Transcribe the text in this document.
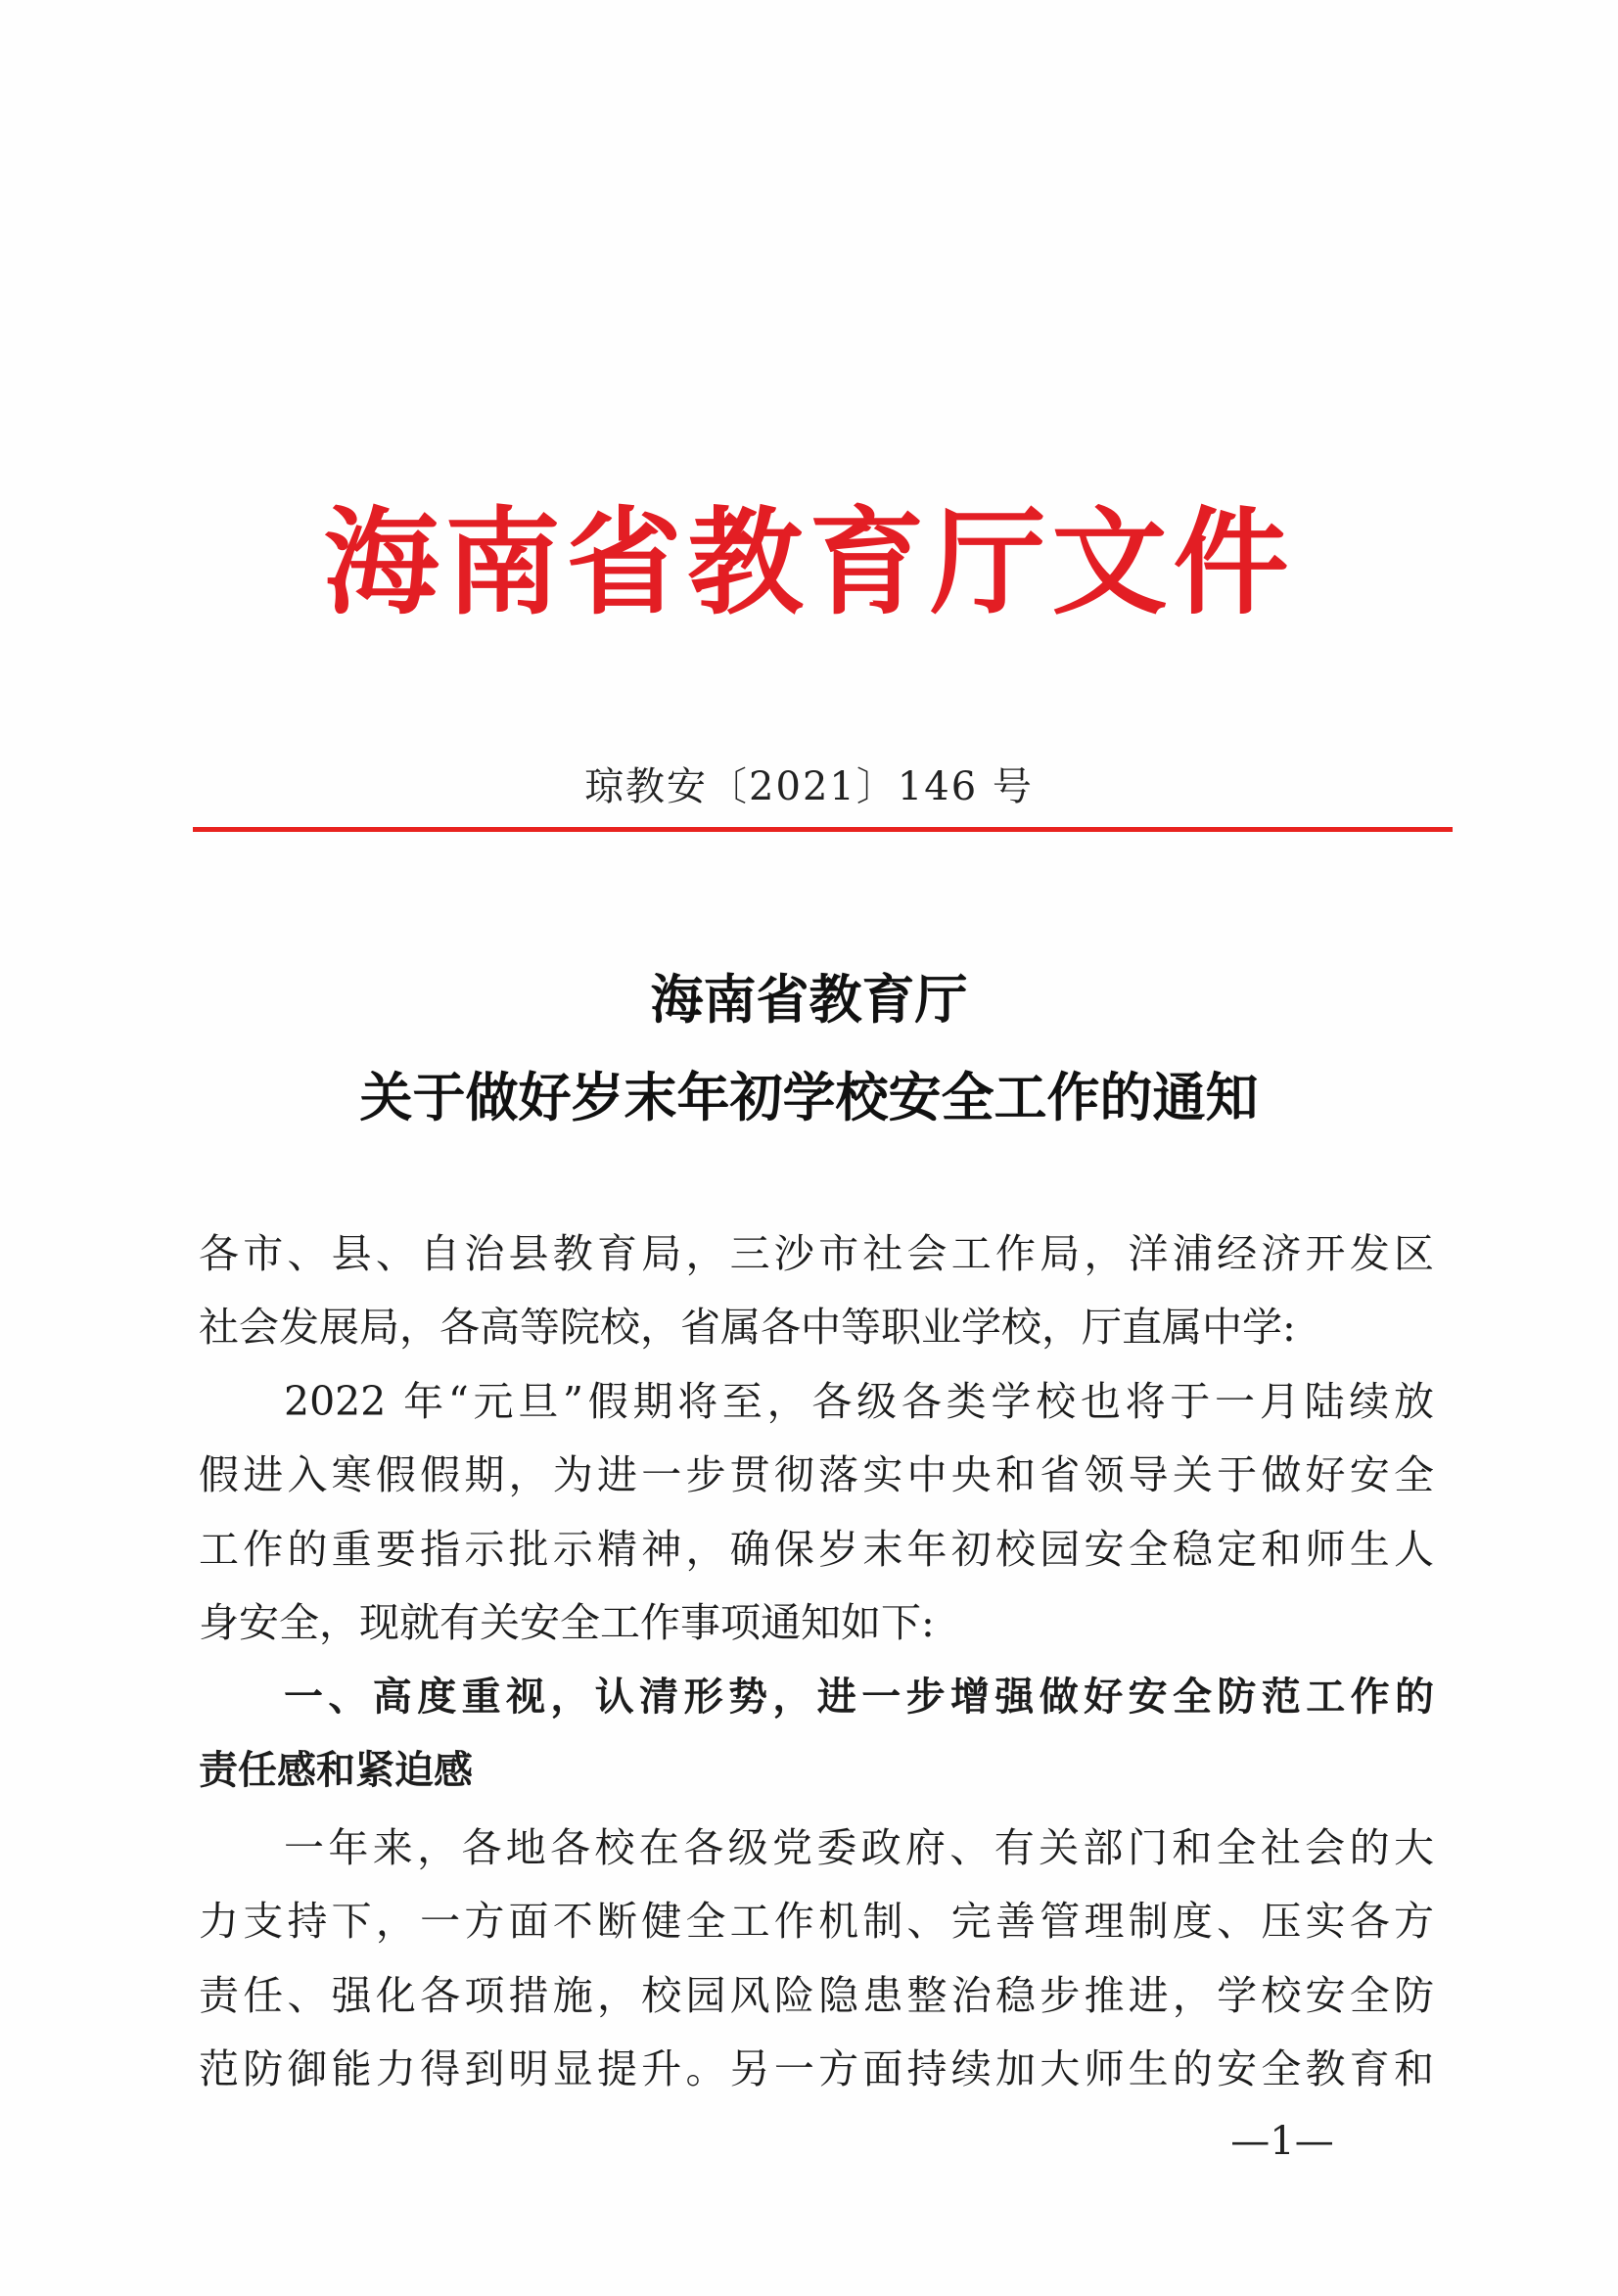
海南省教育厅文件
琼教安〔2021〕146 号
海南省教育厅
关于做好岁末年初学校安全工作的通知
各市、县、自治县教育局，三沙市社会工作局，洋浦经济开发区
社会发展局，各高等院校，省属各中等职业学校，厅直属中学:
2022 年“元旦”假期将至，各级各类学校也将于一月陆续放
假进入寒假假期，为进一步贯彻落实中央和省领导关于做好安全
工作的重要指示批示精神，确保岁末年初校园安全稳定和师生人
身安全，现就有关安全工作事项通知如下:
一、高度重视，认清形势，进一步增强做好安全防范工作的
责任感和紧迫感
一年来，各地各校在各级党委政府、有关部门和全社会的大
力支持下，一方面不断健全工作机制、完善管理制度、压实各方
责任、强化各项措施，校园风险隐患整治稳步推进，学校安全防
范防御能力得到明显提升。另一方面持续加大师生的安全教育和
—1—
